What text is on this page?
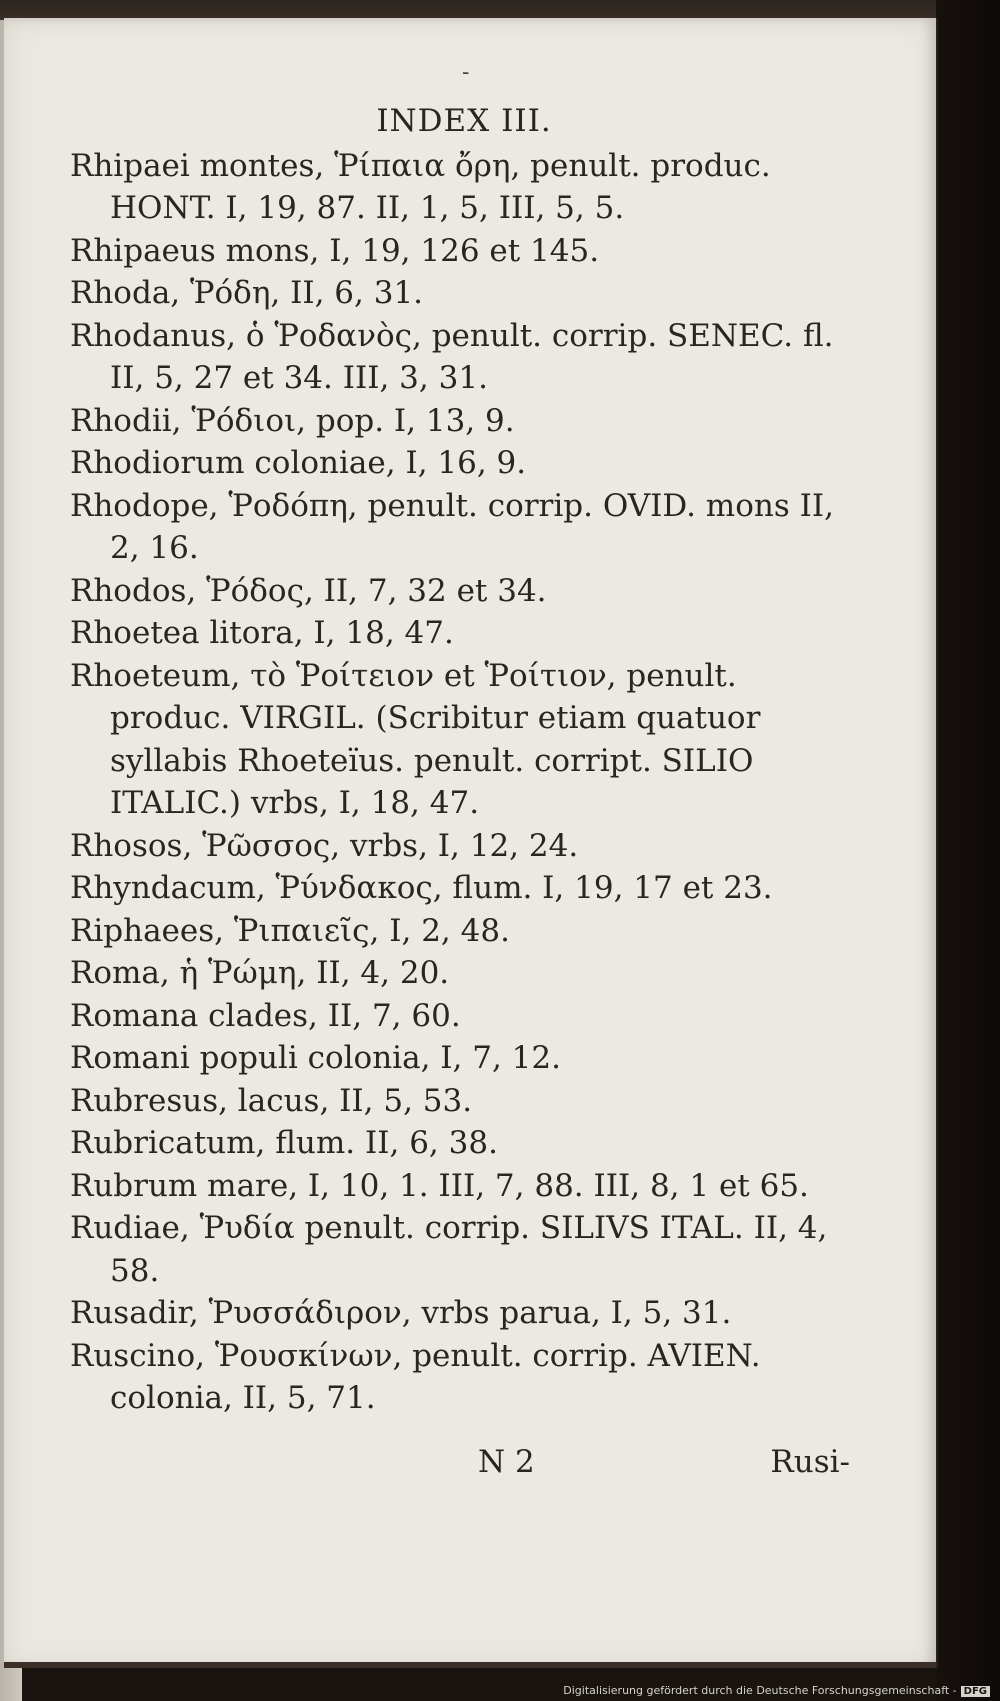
-
INDEX III.
Rhipaei montes, Ῥίπαια ὄρη, penult. produc. HONT. I, 19, 87. II, 1, 5, III, 5, 5.
Rhipaeus mons, I, 19, 126 et 145.
Rhoda, Ῥόδη, II, 6, 31.
Rhodanus, ὁ Ῥοδανὸς, penult. corrip. SENEC. fl. II, 5, 27 et 34. III, 3, 31.
Rhodii, Ῥόδιοι, pop. I, 13, 9.
Rhodiorum coloniae, I, 16, 9.
Rhodope, Ῥοδόπη, penult. corrip. OVID. mons II, 2, 16.
Rhodos, Ῥόδος, II, 7, 32 et 34.
Rhoetea litora, I, 18, 47.
Rhoeteum, τὸ Ῥοίτειον et Ῥοίτιον, penult. produc. VIRGIL. (Scribitur etiam quatuor syllabis Rhoeteïus. penult. corript. SILIO ITALIC.) vrbs, I, 18, 47.
Rhosos, Ῥῶσσος, vrbs, I, 12, 24.
Rhyndacum, Ῥύνδακος, flum. I, 19, 17 et 23.
Riphaees, Ῥιπαιεῖς, I, 2, 48.
Roma, ἡ Ῥώμη, II, 4, 20.
Romana clades, II, 7, 60.
Romani populi colonia, I, 7, 12.
Rubresus, lacus, II, 5, 53.
Rubricatum, flum. II, 6, 38.
Rubrum mare, I, 10, 1. III, 7, 88. III, 8, 1 et 65.
Rudiae, Ῥυδία penult. corrip. SILIVS ITAL. II, 4, 58.
Rusadir, Ῥυσσάδιρον, vrbs parua, I, 5, 31.
Ruscino, Ῥουσκίνων, penult. corrip. AVIEN. colonia, II, 5, 71.
N 2	Rusi-
Digitalisierung gefördert durch die Deutsche Forschungsgemeinschaft - DFG
